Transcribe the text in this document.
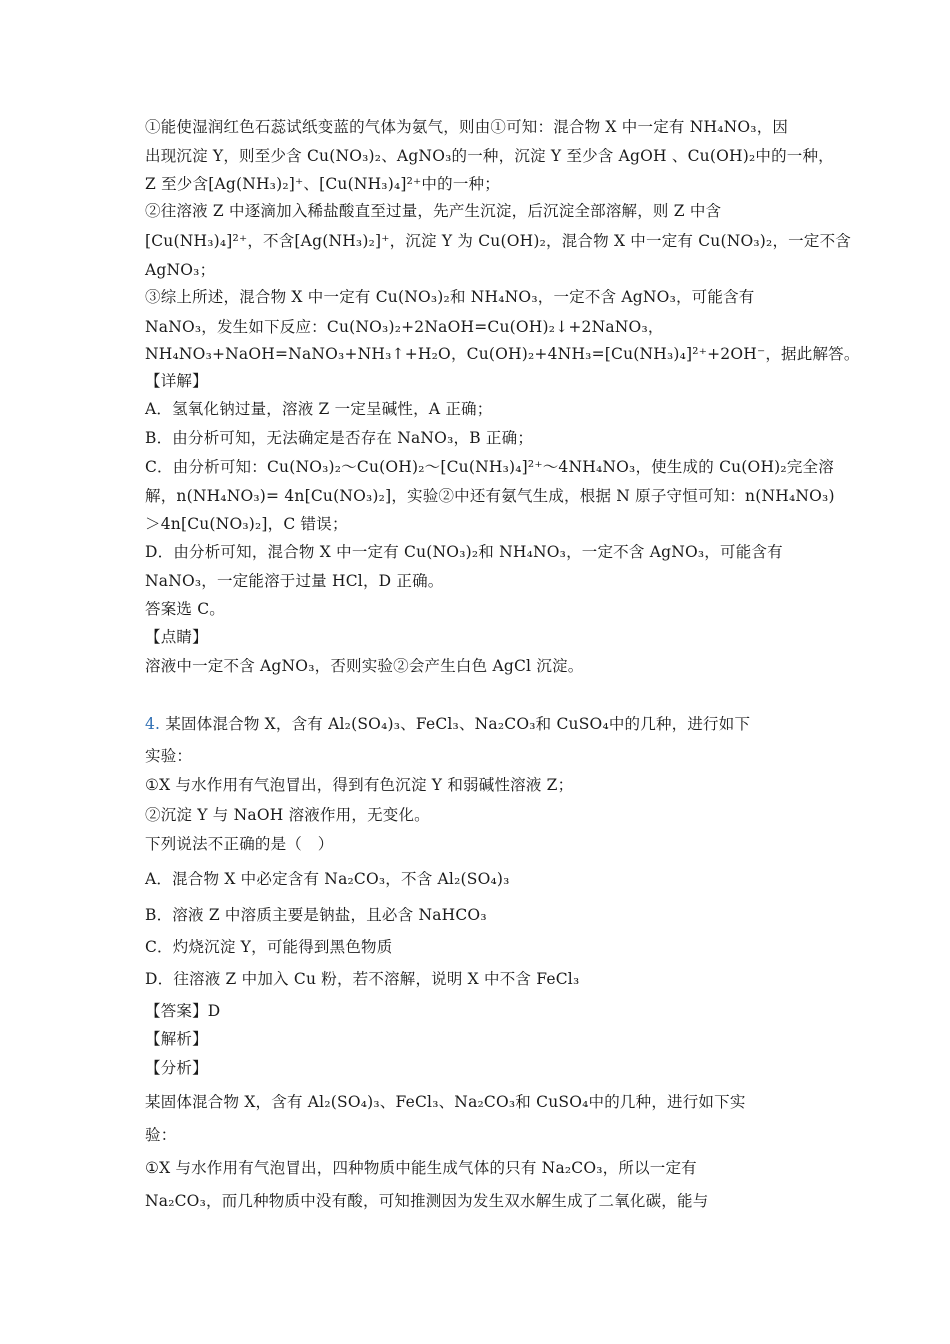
①能使湿润红色石蕊试纸变蓝的气体为氨气，则由①可知：混合物 X 中一定有 NH₄NO₃，因
出现沉淀 Y，则至少含 Cu(NO₃)₂、AgNO₃的一种，沉淀 Y 至少含 AgOH 、Cu(OH)₂中的一种，
Z 至少含[Ag(NH₃)₂]⁺、[Cu(NH₃)₄]²⁺中的一种；
②往溶液 Z 中逐滴加入稀盐酸直至过量，先产生沉淀，后沉淀全部溶解，则 Z 中含
[Cu(NH₃)₄]²⁺，不含[Ag(NH₃)₂]⁺，沉淀 Y 为 Cu(OH)₂，混合物 X 中一定有 Cu(NO₃)₂，一定不含
AgNO₃；
③综上所述，混合物 X 中一定有 Cu(NO₃)₂和 NH₄NO₃，一定不含 AgNO₃，可能含有
NaNO₃，发生如下反应：Cu(NO₃)₂+2NaOH=Cu(OH)₂↓+2NaNO₃，
NH₄NO₃+NaOH=NaNO₃+NH₃↑+H₂O，Cu(OH)₂+4NH₃=[Cu(NH₃)₄]²⁺+2OH⁻，据此解答。
【详解】
A．氢氧化钠过量，溶液 Z 一定呈碱性，A 正确；
B．由分析可知，无法确定是否存在 NaNO₃，B 正确；
C．由分析可知：Cu(NO₃)₂～Cu(OH)₂～[Cu(NH₃)₄]²⁺～4NH₄NO₃，使生成的 Cu(OH)₂完全溶
解，n(NH₄NO₃)= 4n[Cu(NO₃)₂]，实验②中还有氨气生成，根据 N 原子守恒可知：n(NH₄NO₃)
＞4n[Cu(NO₃)₂]，C 错误；
D．由分析可知，混合物 X 中一定有 Cu(NO₃)₂和 NH₄NO₃，一定不含 AgNO₃，可能含有
NaNO₃，一定能溶于过量 HCl，D 正确。
答案选 C。
【点睛】
溶液中一定不含 AgNO₃，否则实验②会产生白色 AgCl 沉淀。
4. 某固体混合物 X，含有 Al₂(SO₄)₃、FeCl₃、Na₂CO₃和 CuSO₄中的几种，进行如下
实验：
①X 与水作用有气泡冒出，得到有色沉淀 Y 和弱碱性溶液 Z；
②沉淀 Y 与 NaOH 溶液作用，无变化。
下列说法不正确的是（　）
A．混合物 X 中必定含有 Na₂CO₃，不含 Al₂(SO₄)₃
B．溶液 Z 中溶质主要是钠盐，且必含 NaHCO₃
C．灼烧沉淀 Y，可能得到黑色物质
D．往溶液 Z 中加入 Cu 粉，若不溶解，说明 X 中不含 FeCl₃
【答案】D
【解析】
【分析】
某固体混合物 X，含有 Al₂(SO₄)₃、FeCl₃、Na₂CO₃和 CuSO₄中的几种，进行如下实
验：
①X 与水作用有气泡冒出，四种物质中能生成气体的只有 Na₂CO₃，所以一定有
Na₂CO₃，而几种物质中没有酸，可知推测因为发生双水解生成了二氧化碳，能与
